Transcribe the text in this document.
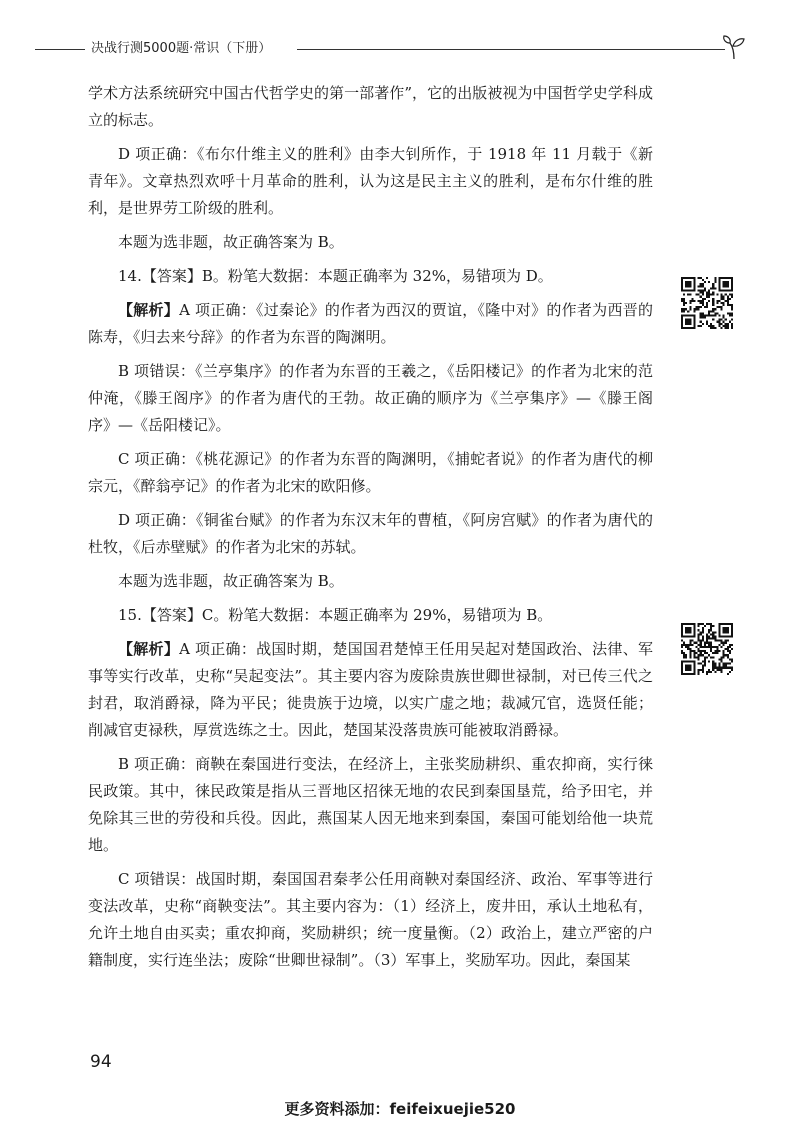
决战行测5000题·常识（下册）

学术方法系统研究中国古代哲学史的第一部著作”，它的出版被视为中国哲学史学科成立的标志。

D 项正确：《布尔什维主义的胜利》由李大钊所作，于 1918 年 11 月载于《新青年》。文章热烈欢呼十月革命的胜利，认为这是民主主义的胜利，是布尔什维的胜利，是世界劳工阶级的胜利。

本题为选非题，故正确答案为 B。

14.【答案】B。粉笔大数据：本题正确率为 32%，易错项为 D。

【解析】A 项正确：《过秦论》的作者为西汉的贾谊，《隆中对》的作者为西晋的陈寿，《归去来兮辞》的作者为东晋的陶渊明。

B 项错误：《兰亭集序》的作者为东晋的王羲之，《岳阳楼记》的作者为北宋的范仲淹，《滕王阁序》的作者为唐代的王勃。故正确的顺序为《兰亭集序》—《滕王阁序》—《岳阳楼记》。

C 项正确：《桃花源记》的作者为东晋的陶渊明，《捕蛇者说》的作者为唐代的柳宗元，《醉翁亭记》的作者为北宋的欧阳修。

D 项正确：《铜雀台赋》的作者为东汉末年的曹植，《阿房宫赋》的作者为唐代的杜牧，《后赤壁赋》的作者为北宋的苏轼。

本题为选非题，故正确答案为 B。

15.【答案】C。粉笔大数据：本题正确率为 29%，易错项为 B。

【解析】A 项正确：战国时期，楚国国君楚悼王任用吴起对楚国政治、法律、军事等实行改革，史称“吴起变法”。其主要内容为废除贵族世卿世禄制，对已传三代之封君，取消爵禄，降为平民；徙贵族于边境，以实广虚之地；裁减冗官，选贤任能；削减官吏禄秩，厚赏选练之士。因此，楚国某没落贵族可能被取消爵禄。

B 项正确：商鞅在秦国进行变法，在经济上，主张奖励耕织、重农抑商，实行徕民政策。其中，徕民政策是指从三晋地区招徕无地的农民到秦国垦荒，给予田宅，并免除其三世的劳役和兵役。因此，燕国某人因无地来到秦国，秦国可能划给他一块荒地。

C 项错误：战国时期，秦国国君秦孝公任用商鞅对秦国经济、政治、军事等进行变法改革，史称“商鞅变法”。其主要内容为：（1）经济上，废井田，承认土地私有，允许土地自由买卖；重农抑商，奖励耕织；统一度量衡。（2）政治上，建立严密的户籍制度，实行连坐法；废除“世卿世禄制”。（3）军事上，奖励军功。因此，秦国某

94
更多资料添加：feifeixuejie520
